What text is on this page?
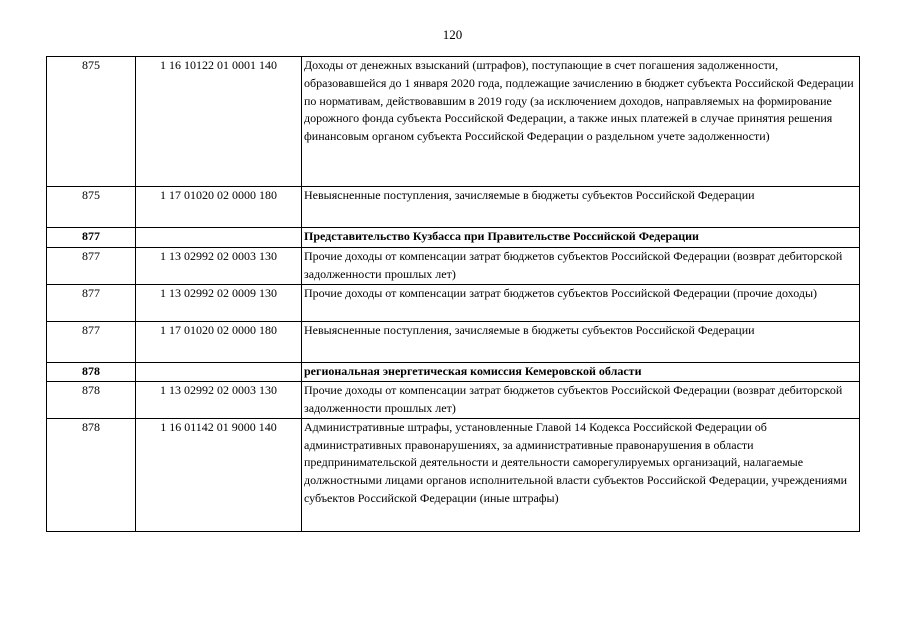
120
875	1 16 10122 01 0001 140	Доходы от денежных взысканий (штрафов), поступающие в счет погашения задолженности, образовавшейся до 1 января 2020 года, подлежащие зачислению в бюджет субъекта Российской Федерации по нормативам, действовавшим в 2019 году (за исключением доходов, направляемых на формирование дорожного фонда субъекта Российской Федерации, а также иных платежей в случае принятия решения финансовым органом субъекта Российской Федерации о раздельном учете задолженности)
875	1 17 01020 02 0000 180	Невыясненные поступления, зачисляемые в бюджеты субъектов Российской Федерации
877		Представительство Кузбасса при Правительстве Российской Федерации
877	1 13 02992 02 0003 130	Прочие доходы от компенсации затрат бюджетов субъектов Российской Федерации (возврат дебиторской задолженности прошлых лет)
877	1 13 02992 02 0009 130	Прочие доходы от компенсации затрат бюджетов субъектов Российской Федерации (прочие доходы)
877	1 17 01020 02 0000 180	Невыясненные поступления, зачисляемые в бюджеты субъектов Российской Федерации
878		региональная энергетическая комиссия Кемеровской области
878	1 13 02992 02 0003 130	Прочие доходы от компенсации затрат бюджетов субъектов Российской Федерации (возврат дебиторской задолженности прошлых лет)
878	1 16 01142 01 9000 140	Административные штрафы, установленные Главой 14 Кодекса Российской Федерации об административных правонарушениях, за административные правонарушения в области предпринимательской деятельности и деятельности саморегулируемых организаций, налагаемые должностными лицами органов исполнительной власти субъектов Российской Федерации, учреждениями субъектов Российской Федерации (иные штрафы)
